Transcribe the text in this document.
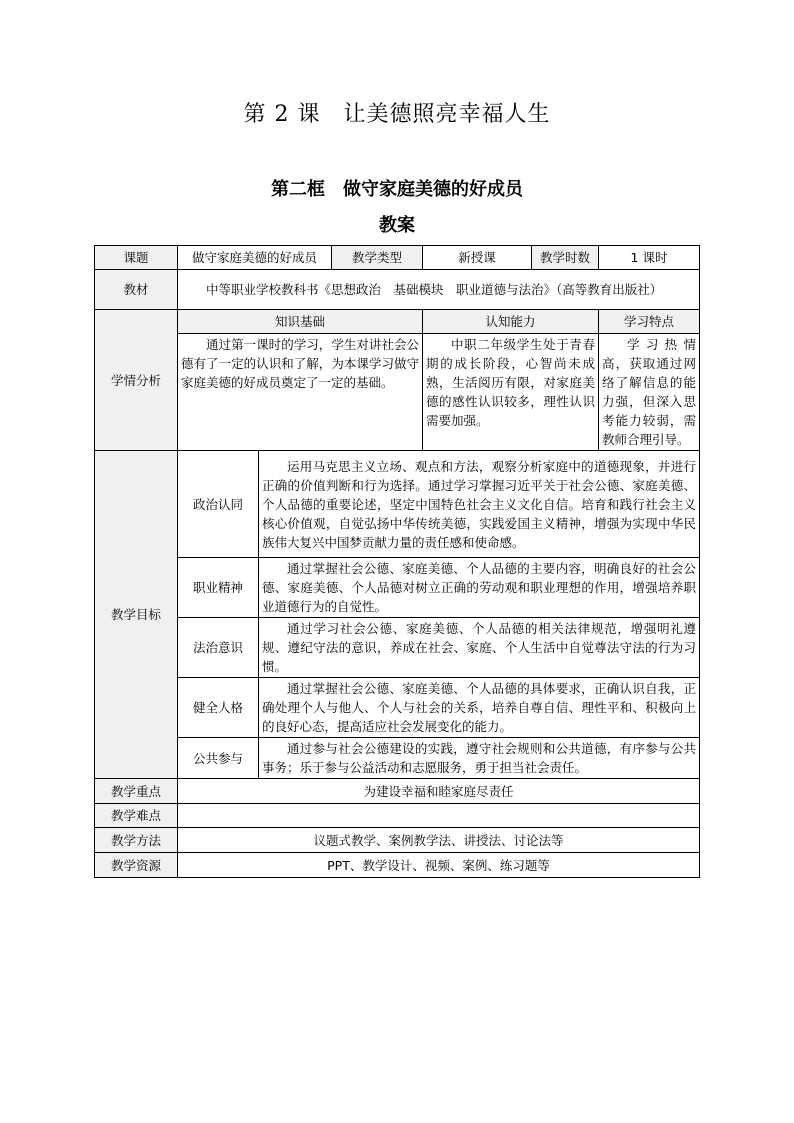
第 2 课　让美德照亮幸福人生
第二框　做守家庭美德的好成员
教案
课题	做守家庭美德的好成员		教学类型	新授课	教学时数	1 课时
教材	中等职业学校教科书《思想政治　基础模块　职业道德与法治》（高等教育出版社）					
学情分析	知识基础			认知能力		学习特点
	通过第一课时的学习，学生对讲社会公德有了一定的认识和了解，为本课学习做守家庭美德的好成员奠定了一定的基础。			中职二年级学生处于青春期的成长阶段，心智尚未成熟，生活阅历有限，对家庭美德的感性认识较多，理性认识需要加强。		学习热情高，获取通过网络了解信息的能力强，但深入思考能力较弱，需教师合理引导。
教学目标	政治认同	运用马克思主义立场、观点和方法，观察分析家庭中的道德现象，并进行正确的价值判断和行为选择。通过学习掌握习近平关于社会公德、家庭美德、个人品德的重要论述，坚定中国特色社会主义文化自信。培育和践行社会主义核心价值观，自觉弘扬中华传统美德，实践爱国主义精神，增强为实现中华民族伟大复兴中国梦贡献力量的责任感和使命感。				
	职业精神	通过掌握社会公德、家庭美德、个人品德的主要内容，明确良好的社会公德、家庭美德、个人品德对树立正确的劳动观和职业理想的作用，增强培养职业道德行为的自觉性。				
	法治意识	通过学习社会公德、家庭美德、个人品德的相关法律规范，增强明礼遵规、遵纪守法的意识，养成在社会、家庭、个人生活中自觉尊法守法的行为习惯。				
	健全人格	通过掌握社会公德、家庭美德、个人品德的具体要求，正确认识自我，正确处理个人与他人、个人与社会的关系，培养自尊自信、理性平和、积极向上的良好心态，提高适应社会发展变化的能力。				
	公共参与	通过参与社会公德建设的实践，遵守社会规则和公共道德，有序参与公共事务；乐于参与公益活动和志愿服务，勇于担当社会责任。				
教学重点	为建设幸福和睦家庭尽责任					
教学难点						
教学方法	议题式教学、案例教学法、讲授法、讨论法等					
教学资源	PPT、教学设计、视频、案例、练习题等					
